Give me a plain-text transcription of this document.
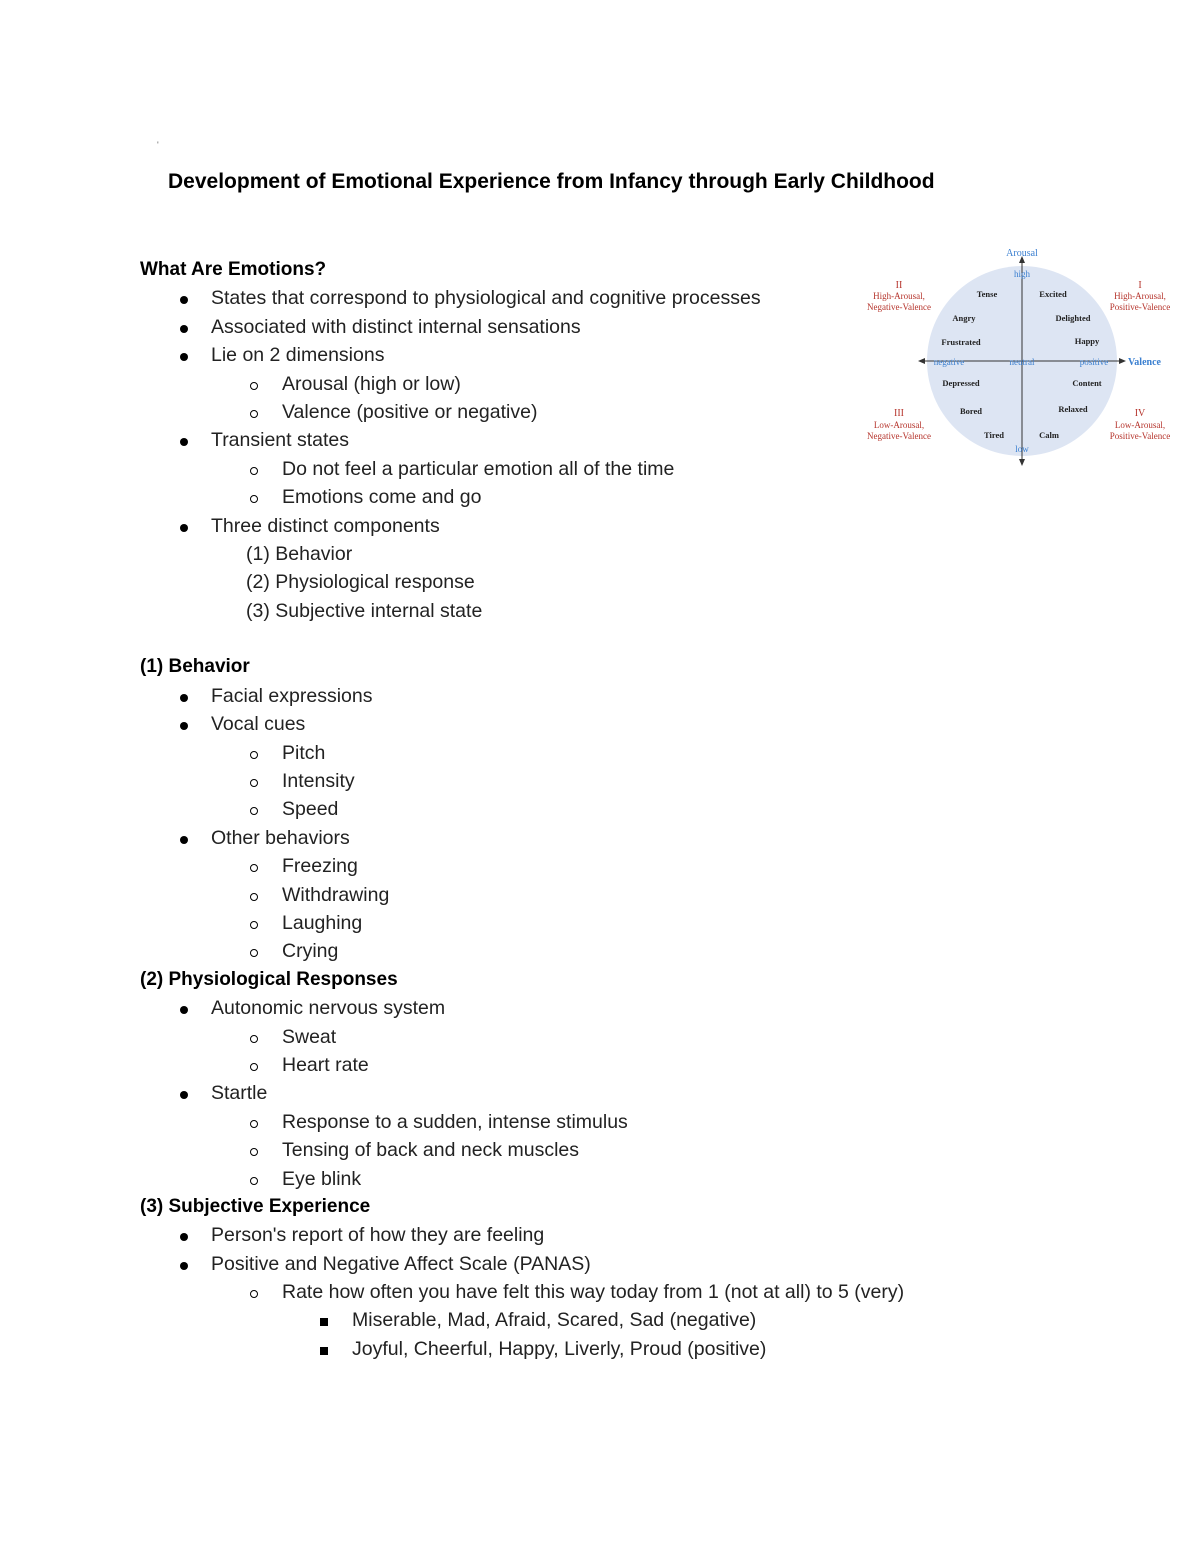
'
Development of Emotional Experience from Infancy through Early Childhood
What Are Emotions?
States that correspond to physiological and cognitive processes
Associated with distinct internal sensations
Lie on 2 dimensions
Arousal (high or low)
Valence (positive or negative)
Transient states
Do not feel a particular emotion all of the time
Emotions come and go
Three distinct components
(1) Behavior
(2) Physiological response
(3) Subjective internal state
(1) Behavior
Facial expressions
Vocal cues
Pitch
Intensity
Speed
Other behaviors
Freezing
Withdrawing
Laughing
Crying
(2) Physiological Responses
Autonomic nervous system
Sweat
Heart rate
Startle
Response to a sudden, intense stimulus
Tensing of back and neck muscles
Eye blink
(3) Subjective Experience
Person's report of how they are feeling
Positive and Negative Affect Scale (PANAS)
Rate how often you have felt this way today from 1 (not at all) to 5 (very)
Miserable, Mad, Afraid, Scared, Sad (negative)
Joyful, Cheerful, Happy, Liverly, Proud (positive)
Arousal
Valence
high
low
negative	neutral	positive
Tense
Angry
Frustrated
Excited
Delighted
Happy
Depressed
Bored
Tired
Content
Relaxed
Calm
II
High-Arousal,
Negative-Valence
I
High-Arousal,
Positive-Valence
III
Low-Arousal,
Negative-Valence
IV
Low-Arousal,
Positive-Valence
